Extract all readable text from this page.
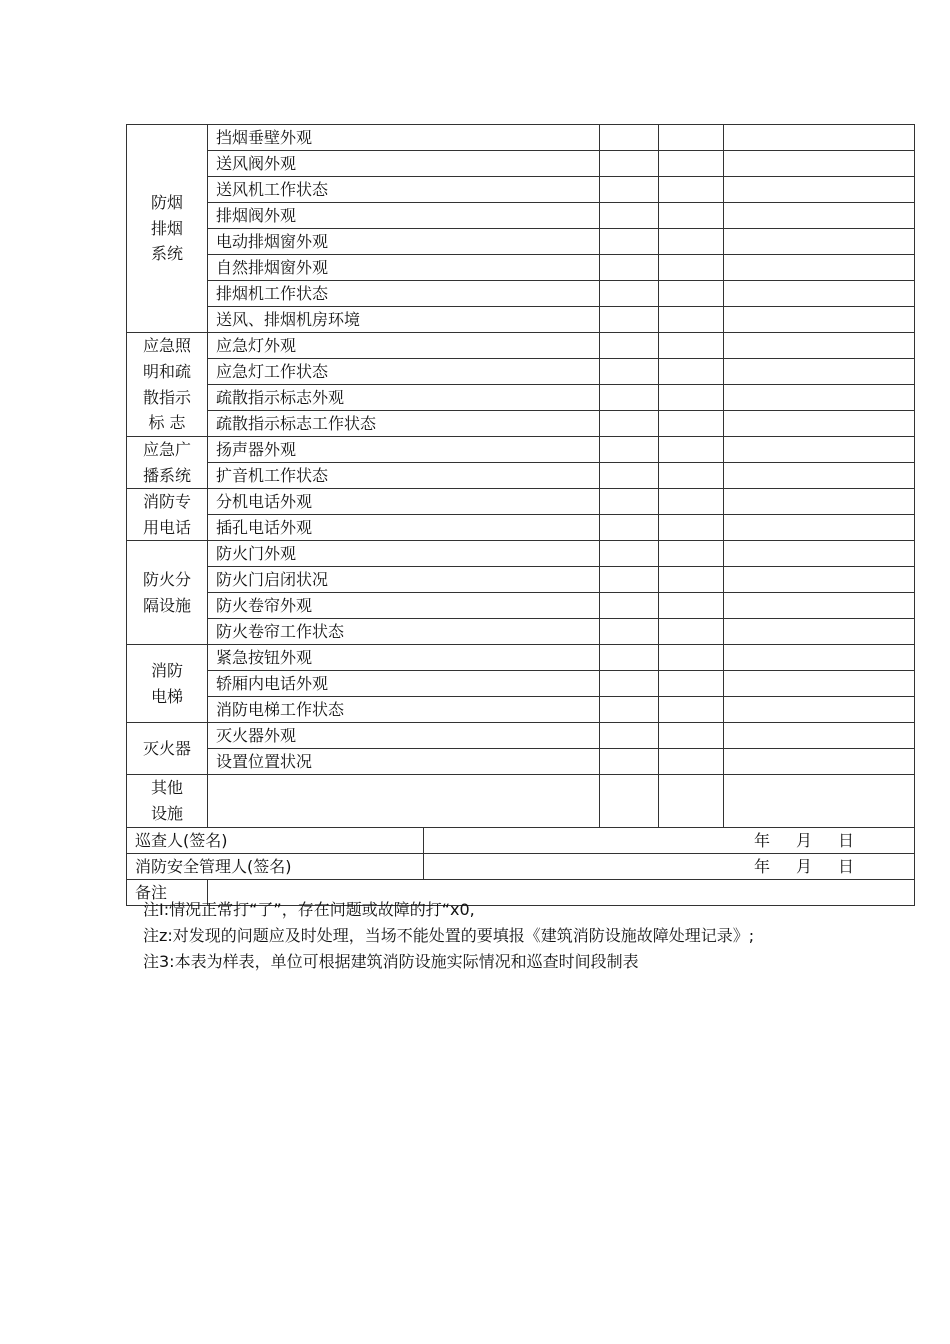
防烟
排烟
系统	挡烟垂壁外观				
	送风阀外观				
	送风机工作状态				
	排烟阀外观				
	电动排烟窗外观				
	自然排烟窗外观				
	排烟机工作状态				
	送风、排烟机房环境				

应急照
明和疏
散指示
标 志	应急灯外观				
	应急灯工作状态				
	疏散指示标志外观				
	疏散指示标志工作状态				

应急广
播系统	扬声器外观				
	扩音机工作状态				

消防专
用电话	分机电话外观				
	插孔电话外观				

防火分
隔设施	防火门外观				
	防火门启闭状况				
	防火卷帘外观				
	防火卷帘工作状态				

消防
电梯	紧急按钮外观				
	轿厢内电话外观				
	消防电梯工作状态				

灭火器	灭火器外观				
	设置位置状况				

其他
设施					

巡查人(签名)		年 月 日			

消防安全管理人(签名)		年 月 日			

备注					
注I:情况正常打“了”，存在问题或故障的打“x0,
注z:对发现的问题应及时处理，当场不能处置的要填报《建筑消防设施故障处理记录》;
注3:本表为样表，单位可根据建筑消防设施实际情况和巡查时间段制表
